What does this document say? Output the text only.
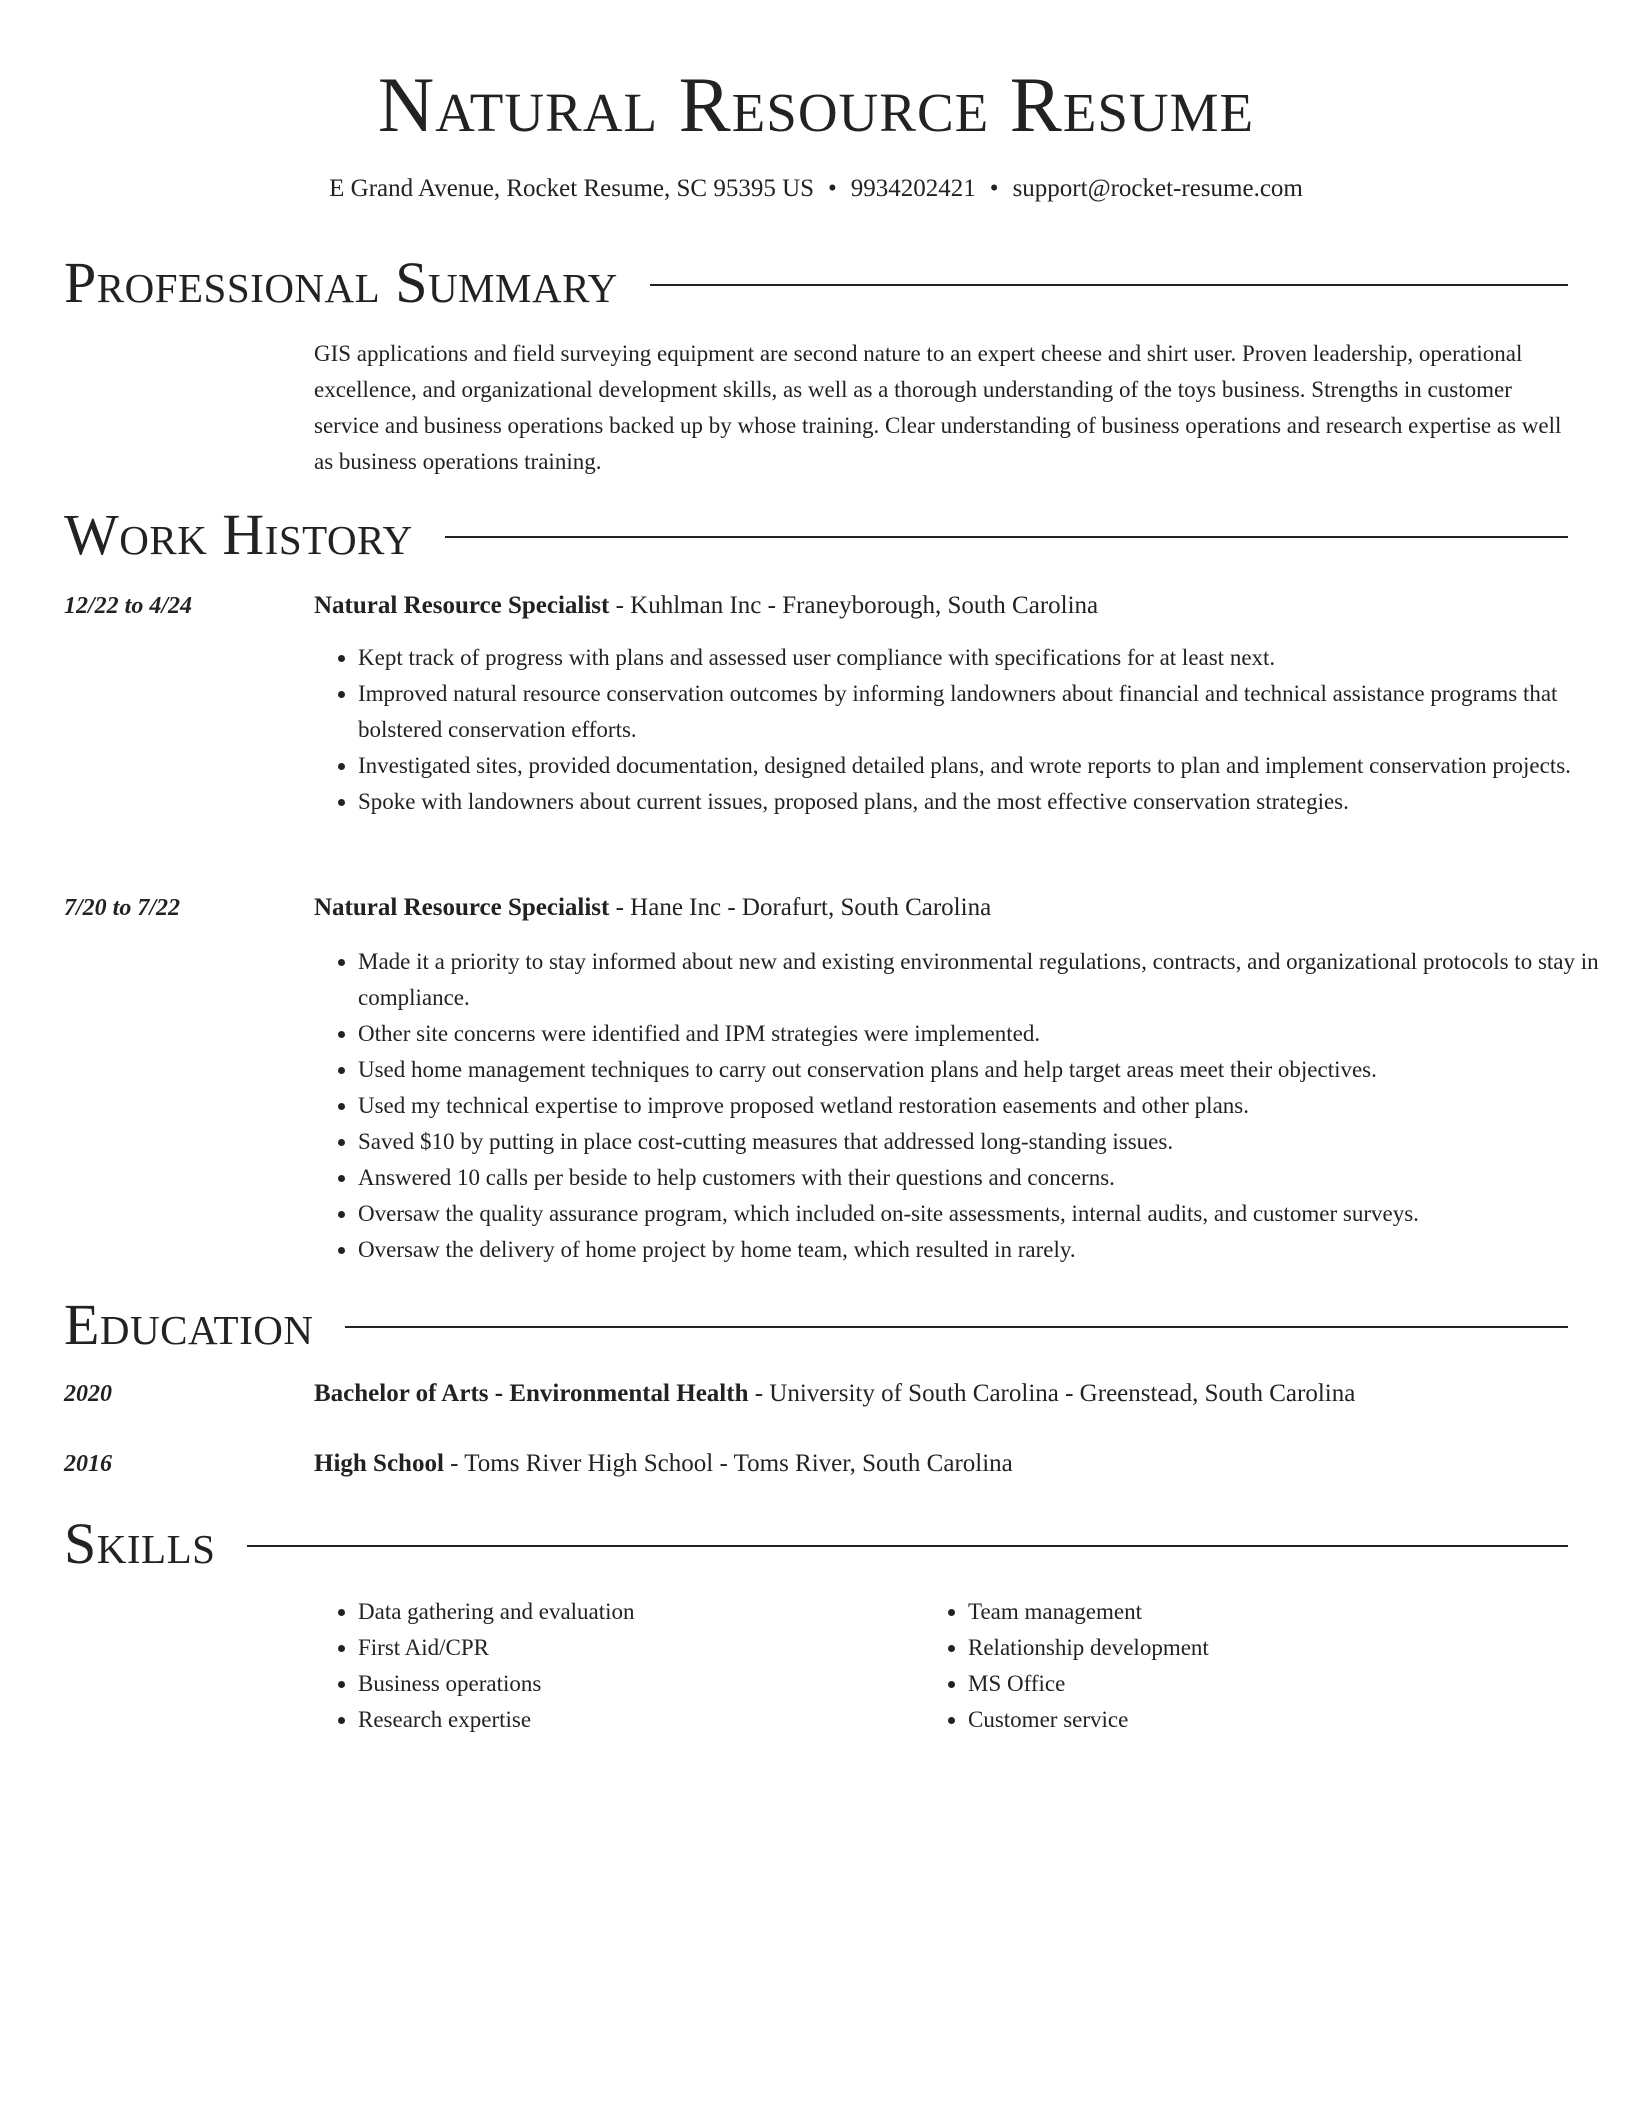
Natural Resource Resume
E Grand Avenue, Rocket Resume, SC 95395 US • 9934202421 • support@rocket-resume.com
Professional Summary

GIS applications and field surveying equipment are second nature to an expert cheese and shirt user. Proven leadership, operational excellence, and organizational development skills, as well as a thorough understanding of the toys business. Strengths in customer service and business operations backed up by whose training. Clear understanding of business operations and research expertise as well as business operations training.

Work History
12/22 to 4/24	Natural Resource Specialist - Kuhlman Inc - Franeyborough, South Carolina
• Kept track of progress with plans and assessed user compliance with specifications for at least next.
• Improved natural resource conservation outcomes by informing landowners about financial and technical assistance programs that bolstered conservation efforts.
• Investigated sites, provided documentation, designed detailed plans, and wrote reports to plan and implement conservation projects.
• Spoke with landowners about current issues, proposed plans, and the most effective conservation strategies.
7/20 to 7/22	Natural Resource Specialist - Hane Inc - Dorafurt, South Carolina
• Made it a priority to stay informed about new and existing environmental regulations, contracts, and organizational protocols to stay in compliance.
• Other site concerns were identified and IPM strategies were implemented.
• Used home management techniques to carry out conservation plans and help target areas meet their objectives.
• Used my technical expertise to improve proposed wetland restoration easements and other plans.
• Saved $10 by putting in place cost-cutting measures that addressed long-standing issues.
• Answered 10 calls per beside to help customers with their questions and concerns.
• Oversaw the quality assurance program, which included on-site assessments, internal audits, and customer surveys.
• Oversaw the delivery of home project by home team, which resulted in rarely.
Education
2020	Bachelor of Arts - Environmental Health - University of South Carolina - Greenstead, South Carolina
2016	High School - Toms River High School - Toms River, South Carolina
Skills
• Data gathering and evaluation
• First Aid/CPR
• Business operations
• Research expertise
• Team management
• Relationship development
• MS Office
• Customer service
